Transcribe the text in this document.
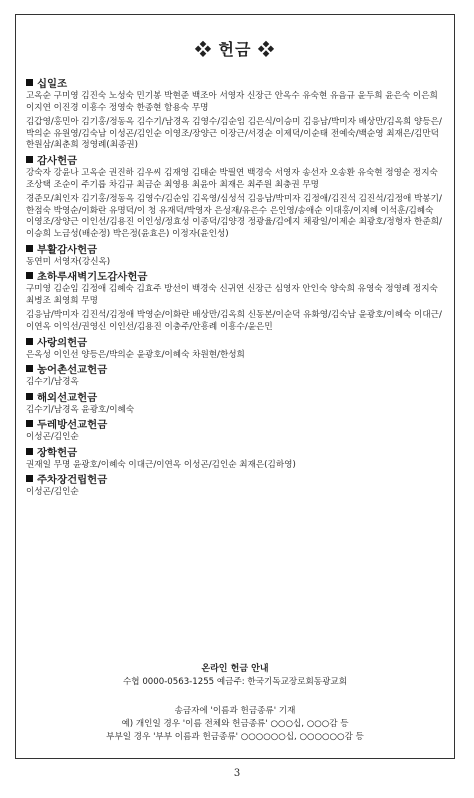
❖ 헌금 ❖
십일조
고옥순 구미영 김진숙 노성숙 민기봉 박현준 백조아 서영자 신장근 안옥수 유숙현 유음규 윤두희 윤은숙 이은희 이지연 이진경 이흥수 정영숙 한종현 함용숙 무명
김갑영/홍민아 김기홍/정동옥 김수기/남경옥 김영수/김순임 김은식/이승미 김응남/박미자 배상만/김옥희 양등은/박의순 유원영/김숙남 이성곤/김인순 이영조/장양근 이장근/서경순 이제덕/이순태 전예숙/백순영 최재은/김만덕 한원삼/최춘희 정영례(최종권)
감사헌금
강숙자 강윤나 고옥순 권진하 김우씨 김재영 김태순 박필연 백경숙 서영자 송선자 오송환 유숙현 정영순 정지숙 조상택 조순이 주기릅 차김규 최금순 최영용 최윤아 최재은 최주원 최충권 무명
경준모/최인자 김기홍/정동옥 김영수/김순임 김옥영/심성석 김응남/박미자 김정애/김진석 김진석/김정애 박봉기/한점숙 박영순/이화란 유명덕/이 청 유재덕/박영자 은성재/유은수 은인영/송애순 이대홍/이지혜 이석훈/김혜숙 이영조/장양근 이인선/김용진 이인성/정효성 이종덕/김양경 정광율/김에지 채광일/이제순 최광호/정형자 한준희/이승희 노금성(배순정) 박은정(윤효은) 이정자(윤인성)
부활감사헌금
동연미 서영자(강신옥)
초하루새벽기도감사헌금
구미영 김순임 김정애 김혜숙 김효주 방선이 백경숙 신귀연 신장근 심영자 안인숙 양숙희 유영숙 정영례 정지숙 최병조 최영희 무명
김응남/박미자 김진석/김정애 박영순/이화란 배상만/김옥희 신동본/이순덕 유화영/김숙남 윤광호/이혜숙 이대근/이연옥 이익선/권영신 이인선/김용진 이충주/안흥례 이흥수/윤은민
사랑의헌금
은옥성 이인선 양등은/박의순 윤광호/이혜숙 차원현/한성희
농어촌선교헌금
김수기/남경옥
해외선교헌금
김수기/남경옥 윤광호/이혜숙
두레방선교헌금
이성곤/김인순
장학헌금
권재일 무명 윤광호/이혜숙 이대근/이연옥 이성곤/김인순 최재은(김하영)
주차장건립헌금
이성곤/김인순
온라인 헌금 안내
수협 0000-0563-1255 예금주: 한국기독교장로회동광교회
송금자에 '이름과 헌금종류' 기재
예) 개인일 경우 '이름 전체와 헌금종류' ○○○십, ○○○감 등
부부일 경우 '부부 이름과 헌금종류' ○○○○○○십, ○○○○○○감 등
3
